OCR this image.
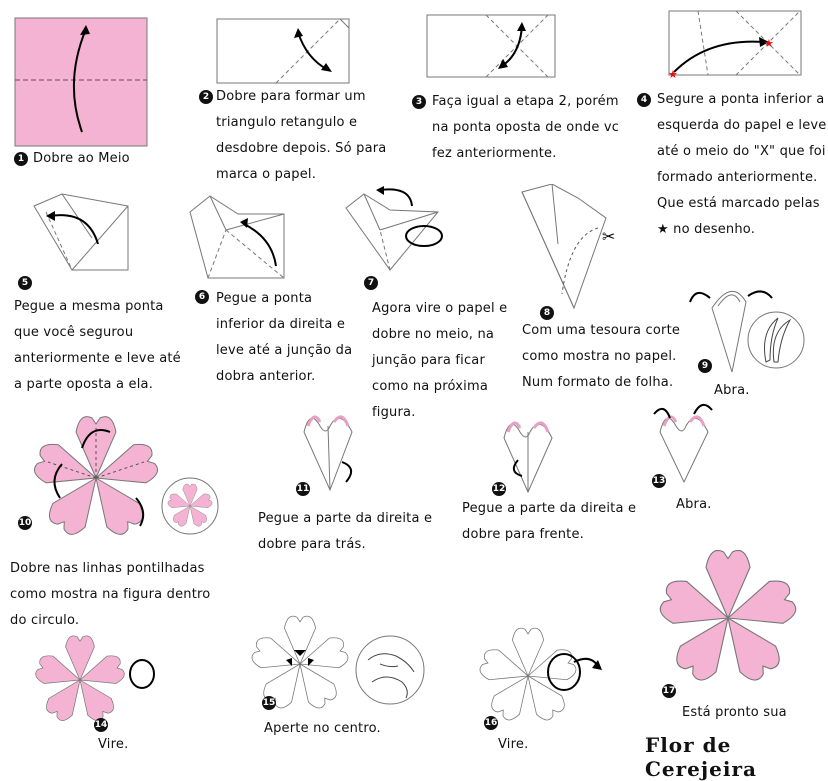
1 Dobre ao Meio
2 Dobre para formar um triangulo retangulo e desdobre depois. Só para marca o papel.
3 Faça igual a etapa 2, porém na ponta oposta de onde vc fez anteriormente.
★
★
4 Segure a ponta inferior a esquerda do papel e leve até o meio do "X" que foi formado anteriormente. Que está marcado pelas ★ no desenho.
5
Pegue a mesma ponta que você segurou anteriormente e leve até a parte oposta a ela.
6 Pegue a ponta inferior da direita e leve até a junção da dobra anterior.
7
Agora vire o papel e dobre no meio, na junção para ficar como na próxima figura.
✂
8
Com uma tesoura corte como mostra no papel. Num formato de folha.
9
Abra.
10
Dobre nas linhas pontilhadas como mostra na figura dentro do circulo.
11
Pegue a parte da direita e dobre para trás.
12
Pegue a parte da direita e dobre para frente.
13
Abra.
14
Vire.
15
Aperte no centro.	16
Vire.
17
Está pronto sua
Flor de Cerejeira
